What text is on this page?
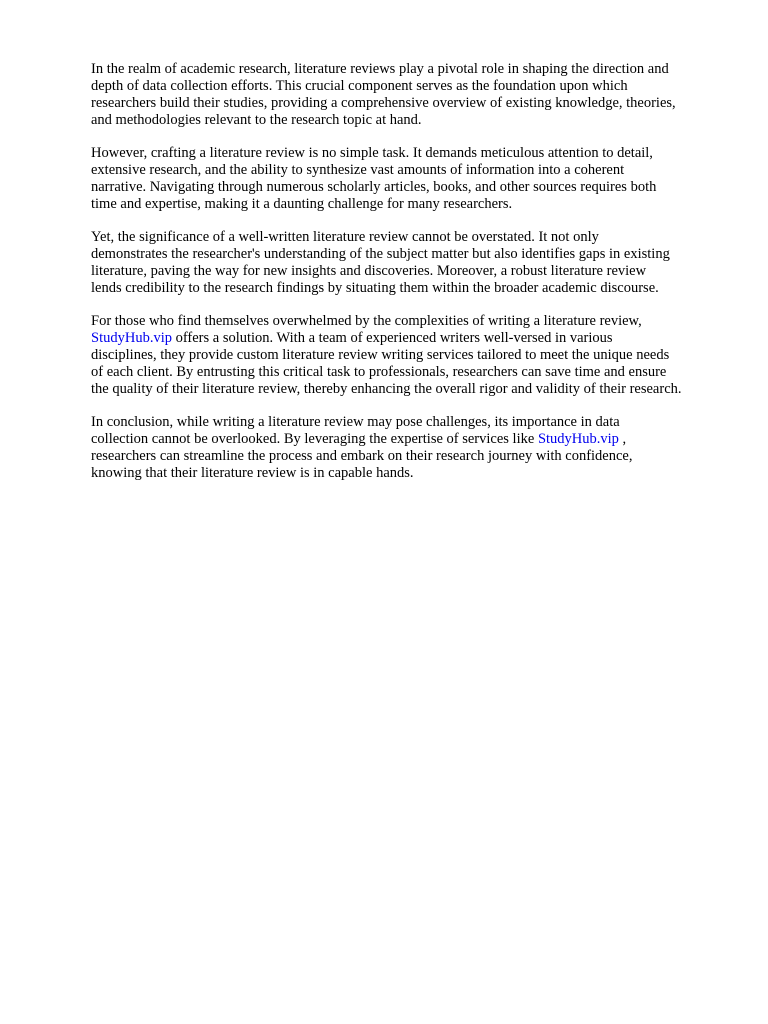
In the realm of academic research, literature reviews play a pivotal role in shaping the direction and
depth of data collection efforts. This crucial component serves as the foundation upon which
researchers build their studies, providing a comprehensive overview of existing knowledge, theories,
and methodologies relevant to the research topic at hand.

However, crafting a literature review is no simple task. It demands meticulous attention to detail,
extensive research, and the ability to synthesize vast amounts of information into a coherent
narrative. Navigating through numerous scholarly articles, books, and other sources requires both
time and expertise, making it a daunting challenge for many researchers.

Yet, the significance of a well-written literature review cannot be overstated. It not only
demonstrates the researcher's understanding of the subject matter but also identifies gaps in existing
literature, paving the way for new insights and discoveries. Moreover, a robust literature review
lends credibility to the research findings by situating them within the broader academic discourse.

For those who find themselves overwhelmed by the complexities of writing a literature review,
StudyHub.vip offers a solution. With a team of experienced writers well-versed in various
disciplines, they provide custom literature review writing services tailored to meet the unique needs
of each client. By entrusting this critical task to professionals, researchers can save time and ensure
the quality of their literature review, thereby enhancing the overall rigor and validity of their research.

In conclusion, while writing a literature review may pose challenges, its importance in data
collection cannot be overlooked. By leveraging the expertise of services like StudyHub.vip ,
researchers can streamline the process and embark on their research journey with confidence,
knowing that their literature review is in capable hands.
